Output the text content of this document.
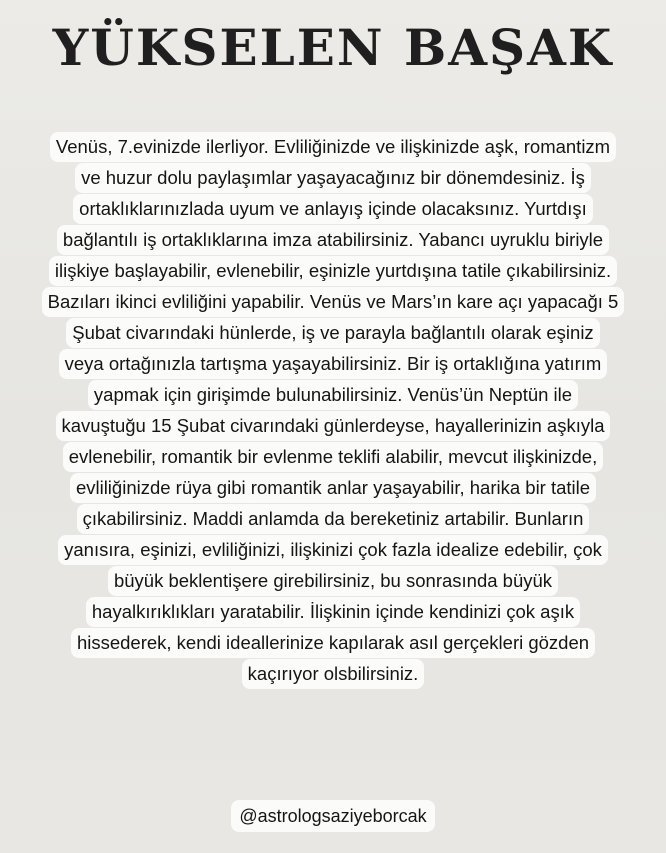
YÜKSELEN BAŞAK
Venüs, 7.evinizde ilerliyor. Evliliğinizde ve ilişkinizde aşk, romantizm
ve huzur dolu paylaşımlar yaşayacağınız bir dönemdesiniz. İş
ortaklıklarınızlada uyum ve anlayış içinde olacaksınız. Yurtdışı
bağlantılı iş ortaklıklarına imza atabilirsiniz. Yabancı uyruklu biriyle
ilişkiye başlayabilir, evlenebilir, eşinizle yurtdışına tatile çıkabilirsiniz.
Bazıları ikinci evliliğini yapabilir. Venüs ve Mars’ın kare açı yapacağı 5
Şubat civarındaki hünlerde, iş ve parayla bağlantılı olarak eşiniz
veya ortağınızla tartışma yaşayabilirsiniz. Bir iş ortaklığına yatırım
yapmak için girişimde bulunabilirsiniz. Venüs’ün Neptün ile
kavuştuğu 15 Şubat civarındaki günlerdeyse, hayallerinizin aşkıyla
evlenebilir, romantik bir evlenme teklifi alabilir, mevcut ilişkinizde,
evliliğinizde rüya gibi romantik anlar yaşayabilir, harika bir tatile
çıkabilirsiniz. Maddi anlamda da bereketiniz artabilir. Bunların
yanısıra, eşinizi, evliliğinizi, ilişkinizi çok fazla idealize edebilir, çok
büyük beklentişere girebilirsiniz, bu sonrasında büyük
hayalkırıklıkları yaratabilir. İlişkinin içinde kendinizi çok aşık
hissederek, kendi ideallerinize kapılarak asıl gerçekleri gözden
kaçırıyor olsbilirsiniz.
@astrologsaziyeborcak
